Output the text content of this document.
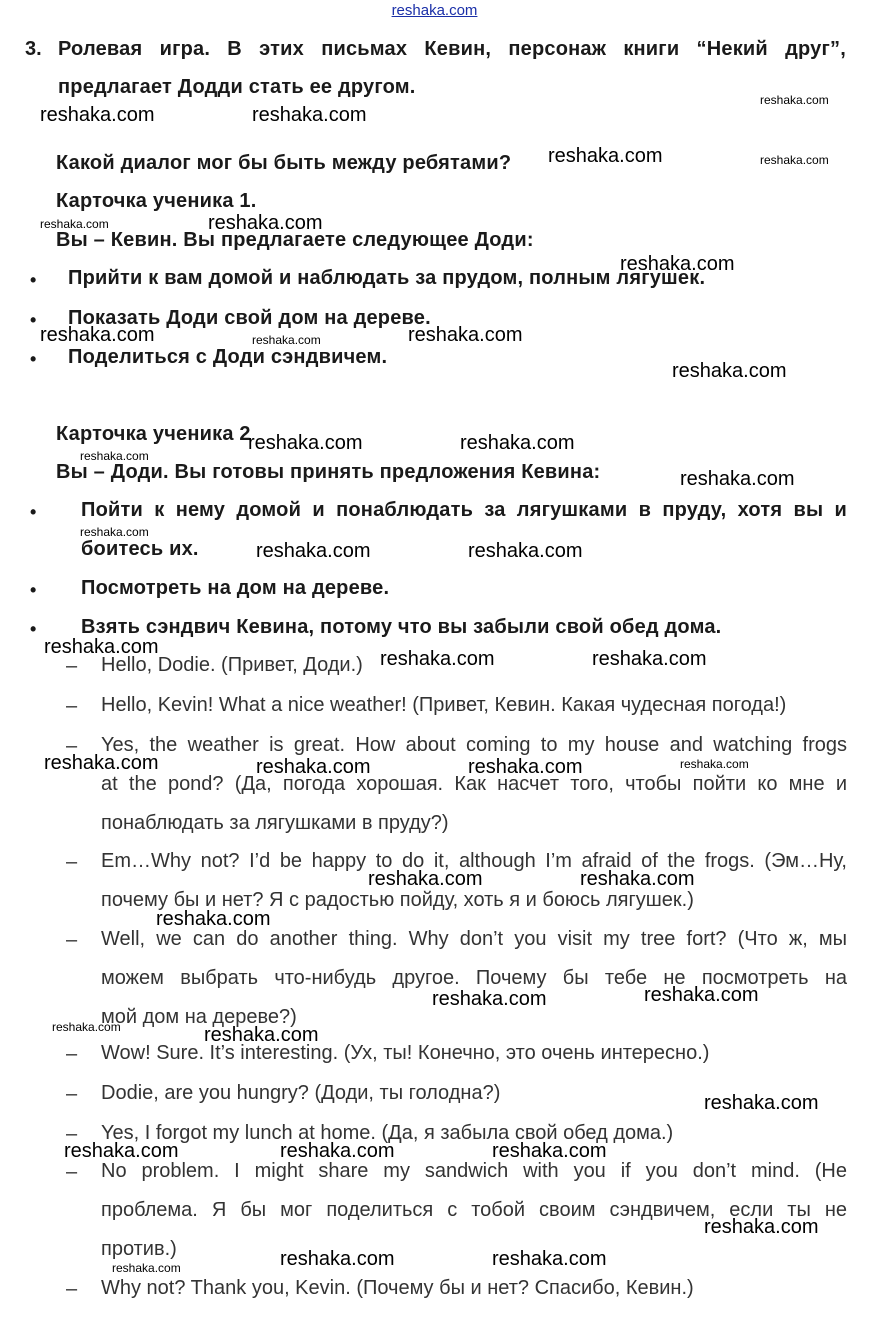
reshaka.com
3. Ролевая игра. В этих письмах Кевин, персонаж книги “Некий друг”,
предлагает Додди стать ее другом.
Какой диалог мог бы быть между ребятами?
Карточка ученика 1.
Вы – Кевин. Вы предлагаете следующее Доди:
• Прийти к вам домой и наблюдать за прудом, полным лягушек.
• Показать Доди свой дом на дереве.
• Поделиться с Доди сэндвичем.
Карточка ученика 2
Вы – Доди. Вы готовы принять предложения Кевина:
• Пойти к нему домой и понаблюдать за лягушками в пруду, хотя вы и
боитесь их.
• Посмотреть на дом на дереве.
• Взять сэндвич Кевина, потому что вы забыли свой обед дома.
– Hello, Dodie. (Привет, Доди.)

– Hello, Kevin! What a nice weather! (Привет, Кевин. Какая чудесная погода!)

– Yes, the weather is great. How about coming to my house and watching frogs

at the pond? (Да, погода хорошая. Как насчет того, чтобы пойти ко мне и

понаблюдать за лягушками в пруду?)

– Em…Why not? I’d be happy to do it, although I’m afraid of the frogs. (Эм…Ну,

почему бы и нет? Я с радостью пойду, хоть я и боюсь лягушек.)

– Well, we can do another thing. Why don’t you visit my tree fort? (Что ж, мы

можем выбрать что-нибудь другое. Почему бы тебе не посмотреть на

мой дом на дереве?)

– Wow! Sure. It’s interesting. (Ух, ты! Конечно, это очень интересно.)

– Dodie, are you hungry? (Доди, ты голодна?)

– Yes, I forgot my lunch at home. (Да, я забыла свой обед дома.)

– No problem. I might share my sandwich with you if you don’t mind. (Не

проблема. Я бы мог поделиться с тобой своим сэндвичем, если ты не

против.)

– Why not? Thank you, Kevin. (Почему бы и нет? Спасибо, Кевин.)

reshaka.com	reshaka.com
reshaka.com
reshaka.com
reshaka.com
reshaka.com	reshaka.com
reshaka.com
reshaka.com	reshaka.com
reshaka.com
reshaka.com	reshaka.com
reshaka.com
reshaka.com	reshaka.com
reshaka.com	reshaka.com	reshaka.com
reshaka.com	reshaka.com
reshaka.com
reshaka.com	reshaka.com
reshaka.com
reshaka.com
reshaka.com	reshaka.com	reshaka.com
reshaka.com
reshaka.com	reshaka.com
reshaka.com
reshaka.com
reshaka.com
reshaka.com
reshaka.com
reshaka.com
reshaka.com
reshaka.com
reshaka.com
